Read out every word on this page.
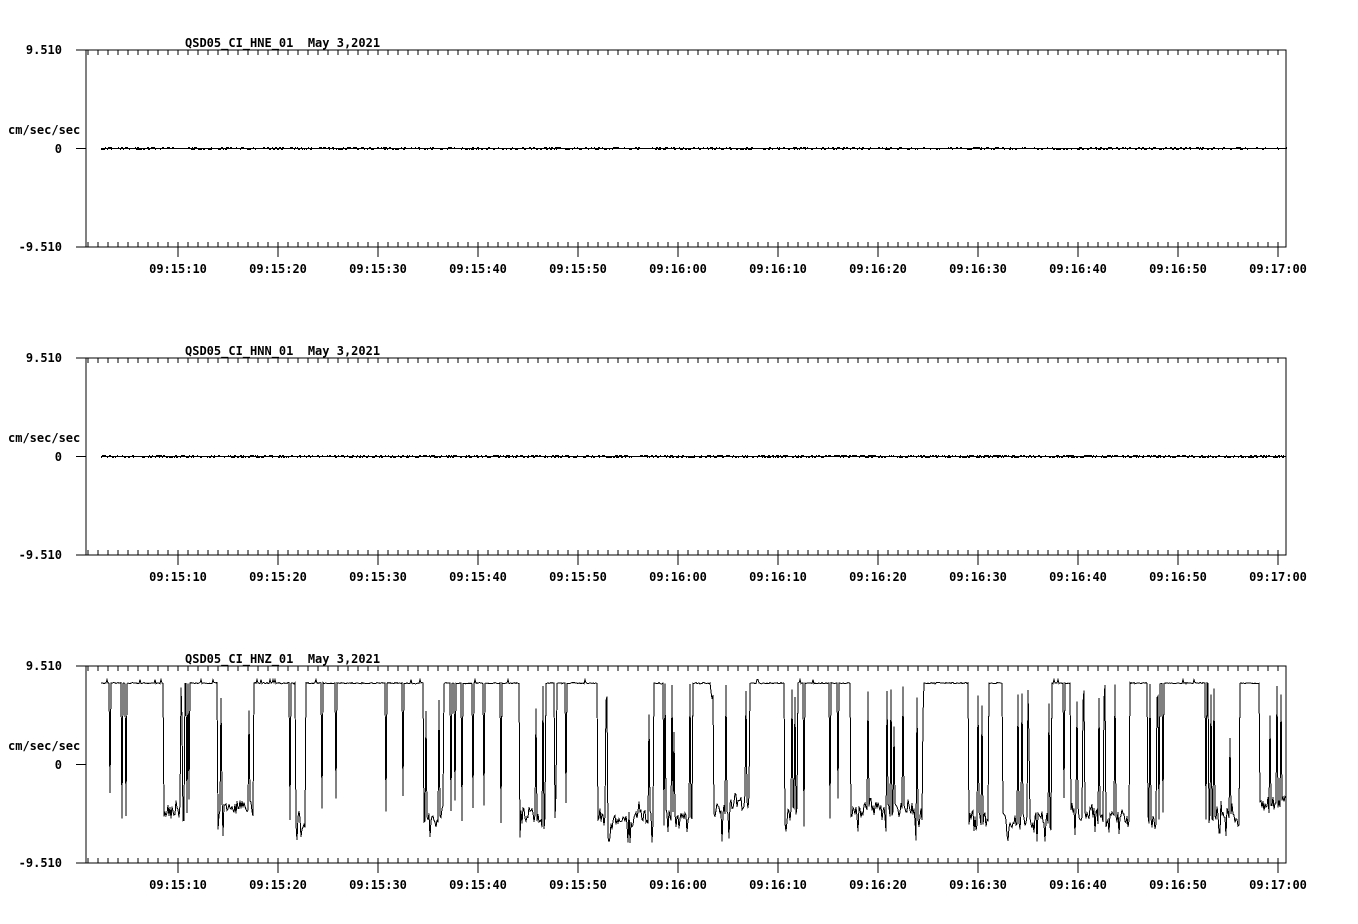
QSD05_CI_HNE_01  May 3,2021
9.510
cm/sec/sec
0
-9.510
09:15:10	09:15:20	09:15:30	09:15:40	09:15:50	09:16:00	09:16:10	09:16:20	09:16:30	09:16:40	09:16:50	09:17:00
QSD05_CI_HNN_01  May 3,2021
9.510
cm/sec/sec
0
-9.510
09:15:10	09:15:20	09:15:30	09:15:40	09:15:50	09:16:00	09:16:10	09:16:20	09:16:30	09:16:40	09:16:50	09:17:00
QSD05_CI_HNZ_01  May 3,2021
9.510
cm/sec/sec
0
-9.510
09:15:10	09:15:20	09:15:30	09:15:40	09:15:50	09:16:00	09:16:10	09:16:20	09:16:30	09:16:40	09:16:50	09:17:00
